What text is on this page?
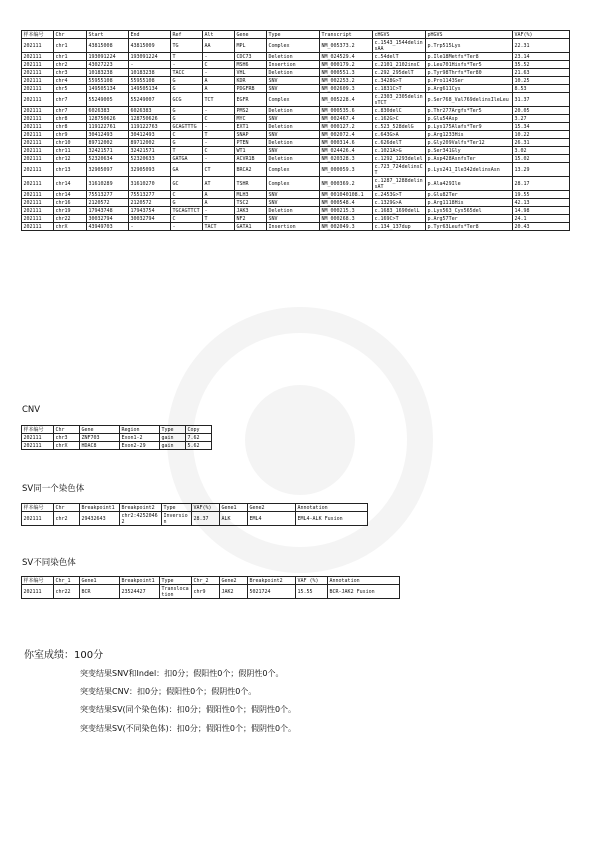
样本编号	Chr	Start	End	Ref	Alt	Gene	Type	Transcript	cHGVS	pHGVS	VAF(%)
202111	chr1	43815008	43815009	TG	AA	MPL	Complex	NM_005373.2	c.1543_1544delinsAA	p.Trp515Lys	22.31
202111	chr1	193091224	193091224	T	-	CDC73	Deletion	NM_024529.4	c.54delT	p.Ile18Metfs*Ter8	23.14
202111	chr2	43027223	-	-	C	MSH6	Insertion	NM_000179.2	c.2101_2102insC	p.Leu701Hisfs*Ter5	35.52
202111	chr3	10183238	10183238	TACC	-	VHL	Deletion	NM_000551.3	c.292_295delT	p.Tyr98Thrfs*Ter80	21.63
202111	chr4	55955108	55955108	G	A	KDR	SNV	NM_002253.2	c.3428G>T	p.Pro1143Ser	10.25
202111	chr5	149505134	149505134	G	A	PDGFRB	SNV	NM_002609.3	c.1831C>T	p.Arg611Cys	8.53
202111	chr7	55249005	55249007	GCG	TCT	EGFR	Complex	NM_005228.4	c.2303_2305delinsTCT	p.Ser768_Val769delinsIleLeu	31.37
202111	chr7	6026383	6026383	G	-	PMS2	Deletion	NM_000535.6	c.830delC	p.Thr277Argfs*Ter5	20.05
202111	chr8	128750626	128750626	G	C	MYC	SNV	NM_002467.4	c.162G>C	p.Glu54Asp	3.27
202111	chr8	119122761	119122763	GCAGTTTG	-	EXT1	Deletion	NM_000127.2	c.523_528delG	p.Lys175Alafs*Ter9	15.34
202111	chr9	30412493	30412493	C	T	SNAP	SNV	NM_002072.4	c.643G>A	p.Arg1233His	10.22
202111	chr10	89712002	89712002	G	-	PTEN	Deletion	NM_000314.6	c.626delT	p.Gly209Valfs*Ter12	26.31
202111	chr11	32421571	32421571	T	C	WT1	SNV	NM_024426.4	c.1021A>G	p.Ser341Gly	3.02
202111	chr12	52320634	52320633	GATGA	-	ACVR1B	Deletion	NM_020328.3	c.1292_1293delel	p.Asp428AsnfsTer	15.02
202111	chr13	32905097	32905093	GA	CT	BRCA2	Complex	NM_000059.3	c.723_724delinsCT	p.Lys241_Ile342delinsAsn	13.29
202111	chr14	31610289	31610270	GC	AT	TSHR	Complex	NM_000369.2	c.1287_1288delinsAT	p.Ala429Ile	28.17
202111	chr14	75513277	75513277	C	A	MLH3	SNV	NM_001040108.1	c.2453G>T	p.Glu82Ter	19.55
202111	chr16	2120572	2120572	G	A	TSC2	SNV	NM_000548.4	c.1329G>A	p.Arg1118His	42.13
202111	chr19	17943748	17943754	TGCAGTTCT	-	JAK3	Deletion	NM_000215.3	c.1683_1690delL	p.Lys563_Cys565del	14.98
202111	chr22	30032794	30032794	C	T	NF2	SNV	NM_000268.3	c.169C>T	p.Arg57Ter	24.1
202111	chrX	43949703	-	-	TACT	GATA1	Insertion	NM_002049.3	c.134_137dup	p.Tyr63Leufs*Ter8	20.43
CNV
样本编号	Chr	Gene	Region	Type	Copy
202111	chr3	ZNF703	Exon1-2	gain	7.62
202111	chrX	HDAC8	Exon2-29	gain	5.62
SV同一个染色体
样本编号	Chr	Breakpoint1	Breakpoint2	Type	VAF(%)	Gene1	Gene2	Annotation
202111	chr2	29432643	chr2:42520462	Inversion	28.37	ALK	EML4	EML4-ALK Fusion
SV不同染色体
样本编号	Chr_1	Gene1	Breakpoint1	Type	Chr_2	Gene2	Breakpoint2	VAF (%)	Annotation
202111	chr22	BCR	23524427	Translocation	chr9	JAK2	5021724	15.55	BCR-JAK2 Fusion
你室成绩：100分
突变结果SNV和Indel：扣0分；假阳性0个；假阴性0个。
突变结果CNV：扣0分；假阳性0个；假阴性0个。
突变结果SV(同个染色体)：扣0分；假阳性0个；假阴性0个。
突变结果SV(不同染色体)：扣0分；假阳性0个；假阴性0个。
